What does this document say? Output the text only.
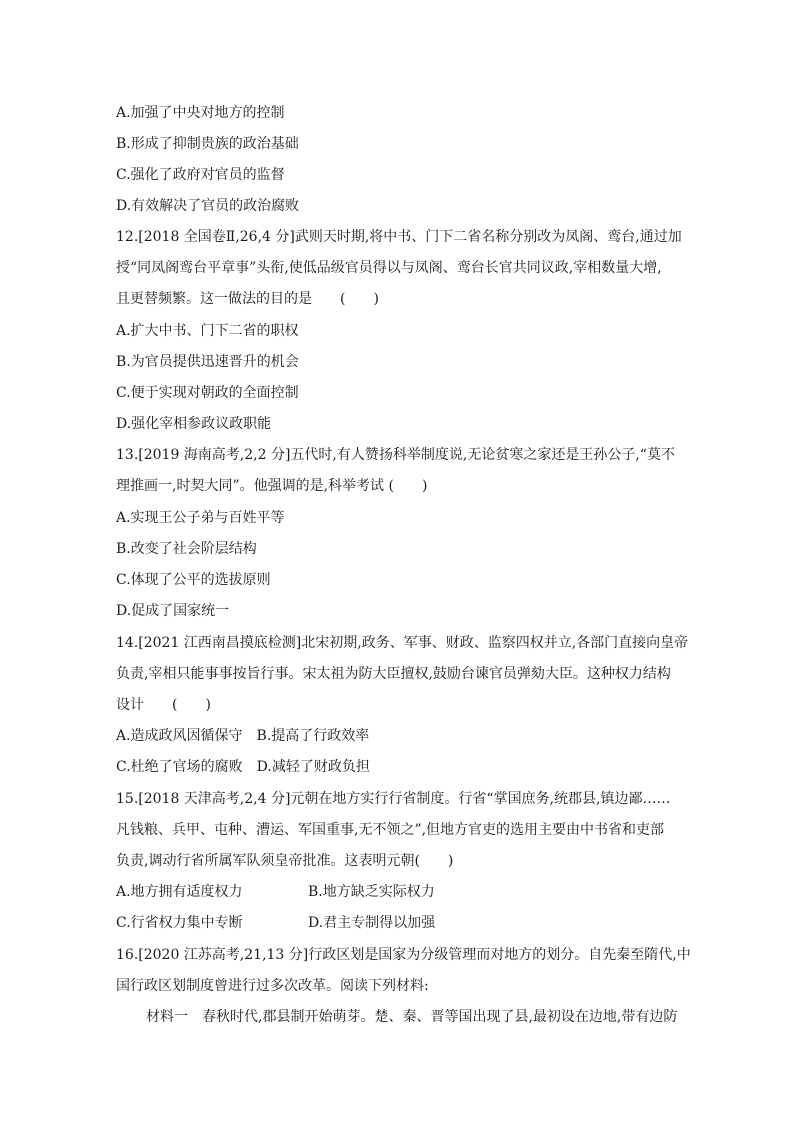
A.加强了中央对地方的控制
B.形成了抑制贵族的政治基础
C.强化了政府对官员的监督
D.有效解决了官员的政治腐败
12.[2018 全国卷Ⅱ,26,4 分]武则天时期,将中书、门下二省名称分别改为凤阁、鸾台,通过加
授“同凤阁鸾台平章事”头衔,使低品级官员得以与凤阁、鸾台长官共同议政,宰相数量大增,
且更替频繁。这一做法的目的是　　(　　)
A.扩大中书、门下二省的职权
B.为官员提供迅速晋升的机会
C.便于实现对朝政的全面控制
D.强化宰相参政议政职能
13.[2019 海南高考,2,2 分]五代时,有人赞扬科举制度说,无论贫寒之家还是王孙公子,“莫不
理推画一,时契大同”。他强调的是,科举考试 (　　)
A.实现王公子弟与百姓平等
B.改变了社会阶层结构
C.体现了公平的选拔原则
D.促成了国家统一
14.[2021 江西南昌摸底检测]北宋初期,政务、军事、财政、监察四权并立,各部门直接向皇帝
负责,宰相只能事事按旨行事。宋太祖为防大臣擅权,鼓励台谏官员弹劾大臣。这种权力结构
设计　　(　　)
A.造成政风因循保守　B.提高了行政效率
C.杜绝了官场的腐败　D.减轻了财政负担
15.[2018 天津高考,2,4 分]元朝在地方实行行省制度。行省“掌国庶务,统郡县,镇边鄙……
凡钱粮、兵甲、屯种、漕运、军国重事,无不领之”,但地方官吏的选用主要由中书省和吏部
负责,调动行省所属军队须皇帝批准。这表明元朝(　　)
A.地方拥有适度权力	B.地方缺乏实际权力
C.行省权力集中专断	D.君主专制得以加强
16.[2020 江苏高考,21,13 分]行政区划是国家为分级管理而对地方的划分。自先秦至隋代,中
国行政区划制度曾进行过多次改革。阅读下列材料:
材料一　春秋时代,郡县制开始萌芽。楚、秦、晋等国出现了县,最初设在边地,带有边防
